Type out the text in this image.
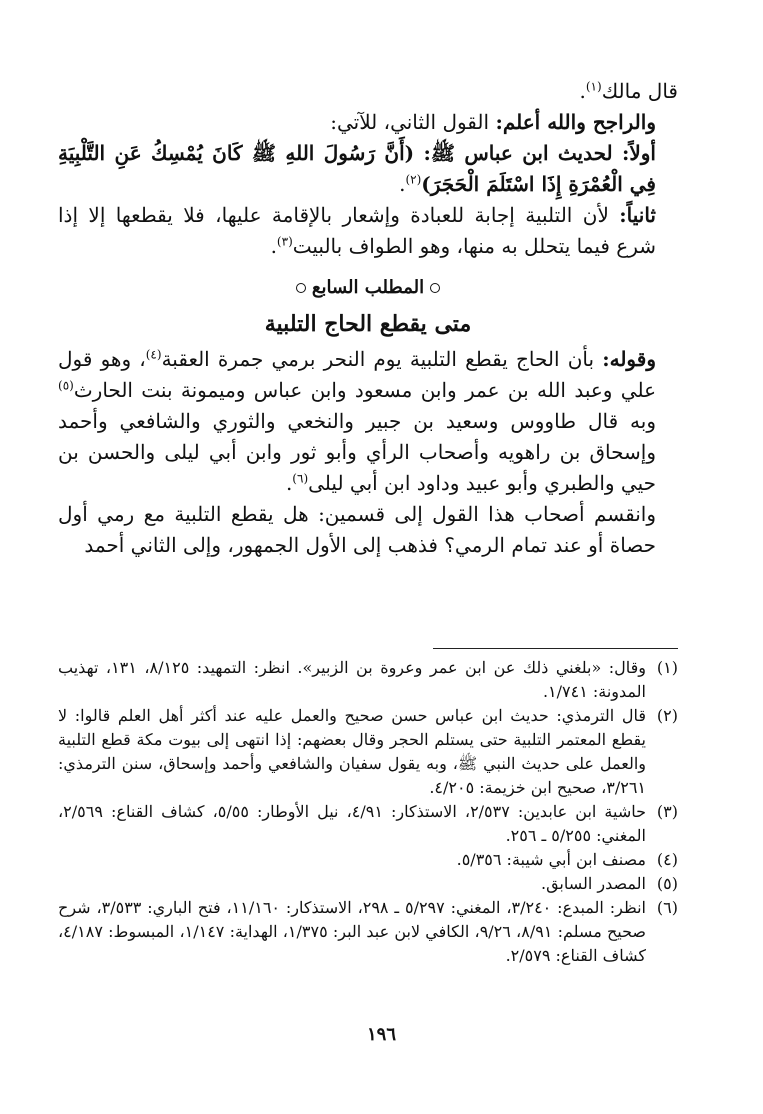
قال مالك$^{(١)}$.

والراجح والله أعلم: القول الثاني، للآتي:

أولاً: لحديث ابن عباس ﷺ: (أَنَّ رَسُولَ اللهِ ﷺ كَانَ يُمْسِكُ عَنِ التَّلْبِيَةِ فِي الْعُمْرَةِ إِذَا اسْتَلَمَ الْحَجَرَ)$^{(٢)}$.

ثانياً: لأن التلبية إجابة للعبادة وإشعار بالإقامة عليها، فلا يقطعها إلا إذا شرع فيما يتحلل به منها، وهو الطواف بالبيت$^{(٣)}$.

المطلب السابع
متى يقطع الحاج التلبية

وقوله: بأن الحاج يقطع التلبية يوم النحر برمي جمرة العقبة$^{(٤)}$، وهو قول علي وعبد الله بن عمر وابن مسعود وابن عباس وميمونة بنت الحارث$^{(٥)}$ وبه قال طاووس وسعيد بن جبير والنخعي والثوري والشافعي وأحمد وإسحاق بن راهويه وأصحاب الرأي وأبو ثور وابن أبي ليلى والحسن بن حيي والطبري وأبو عبيد وداود ابن أبي ليلى$^{(٦)}$.

وانقسم أصحاب هذا القول إلى قسمين: هل يقطع التلبية مع رمي أول حصاة أو عند تمام الرمي؟ فذهب إلى الأول الجمهور، وإلى الثاني أحمد

(١)
وقال: «بلغني ذلك عن ابن عمر وعروة بن الزبير». انظر: التمهيد: ٨/١٢٥، ١٣١، تهذيب المدونة: ١/٧٤١.
(٢)
قال الترمذي: حديث ابن عباس حسن صحيح والعمل عليه عند أكثر أهل العلم قالوا: لا يقطع المعتمر التلبية حتى يستلم الحجر وقال بعضهم: إذا انتهى إلى بيوت مكة قطع التلبية والعمل على حديث النبي ﷺ، وبه يقول سفيان والشافعي وأحمد وإسحاق، سنن الترمذي: ٣/٢٦١، صحيح ابن خزيمة: ٤/٢٠٥.
(٣)
حاشية ابن عابدين: ٢/٥٣٧، الاستذكار: ٤/٩١، نيل الأوطار: ٥/٥٥، كشاف القناع: ٢/٥٦٩، المغني: ٥/٢٥٥ ـ ٢٥٦.
(٤)
مصنف ابن أبي شيبة: ٥/٣٥٦.
(٥)
المصدر السابق.
(٦)
انظر: المبدع: ٣/٢٤٠، المغني: ٥/٢٩٧ ـ ٢٩٨، الاستذكار: ١١/١٦٠، فتح الباري: ٣/٥٣٣، شرح صحيح مسلم: ٨/٩١، ٩/٢٦، الكافي لابن عبد البر: ١/٣٧٥، الهداية: ١/١٤٧، المبسوط: ٤/١٨٧، كشاف القناع: ٢/٥٧٩.
١٩٦
